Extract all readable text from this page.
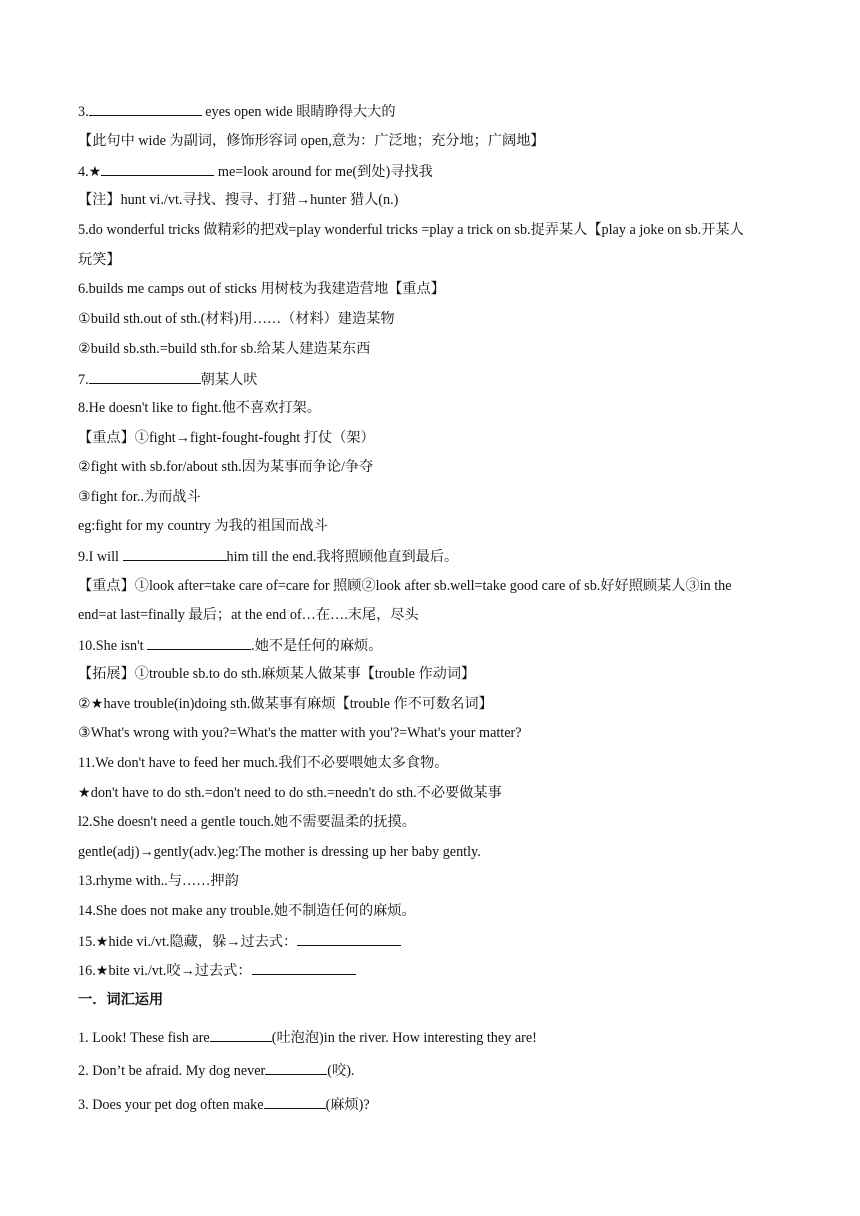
3.	eyes open wide 眼睛睁得大大的
【此句中 wide 为副词，修饰形容词 open,意为：广泛地；充分地；广阔地】
4.★	me=look around for me(到处)寻找我
【注】hunt vi./vt.寻找、搜寻、打猎→hunter 猎人(n.)
5.do wonderful tricks 做精彩的把戏=play wonderful tricks =play a trick on sb.捉弄某人【play a joke on sb.开某人
玩笑】
6.builds me camps out of sticks 用树枝为我建造营地【重点】
①build sth.out of sth.(材料)用……（材料）建造某物
②build sb.sth.=build sth.for sb.给某人建造某东西
7.	朝某人吠
8.He doesn't like to fight.他不喜欢打架。
【重点】①fight→fight-fought-fought 打仗（架）
②fight with sb.for/about sth.因为某事而争论/争夺
③fight for..为而战斗
eg:fight for my country 为我的祖国而战斗
9.I will	him till the end.我将照顾他直到最后。
【重点】①look after=take care of=care for 照顾②look after sb.well=take good care of sb.好好照顾某人③in the
end=at last=finally 最后；at the end of…在….末尾，尽头
10.She isn't	.她不是任何的麻烦。
【拓展】①trouble sb.to do sth.麻烦某人做某事【trouble 作动词】
②★have trouble(in)doing sth.做某事有麻烦【trouble 作不可数名词】
③What's wrong with you?=What's the matter with you'?=What's your matter?
11.We don't have to feed her much.我们不必要喂她太多食物。
★don't have to do sth.=don't need to do sth.=needn't do sth.不必要做某事
l2.She doesn't need a gentle touch.她不需要温柔的抚摸。
gentle(adj)→gently(adv.)eg:The mother is dressing up her baby gently.
13.rhyme with..与……押韵
14.She does not make any trouble.她不制造任何的麻烦。
15.★hide vi./vt.隐藏，躲→过去式：
16.★bite vi./vt.咬→过去式：
一．词汇运用
1. Look! These fish are	(吐泡泡)in the river. How interesting they are!
2. Don’t be afraid. My dog never	(咬).
3. Does your pet dog often make	(麻烦)?
